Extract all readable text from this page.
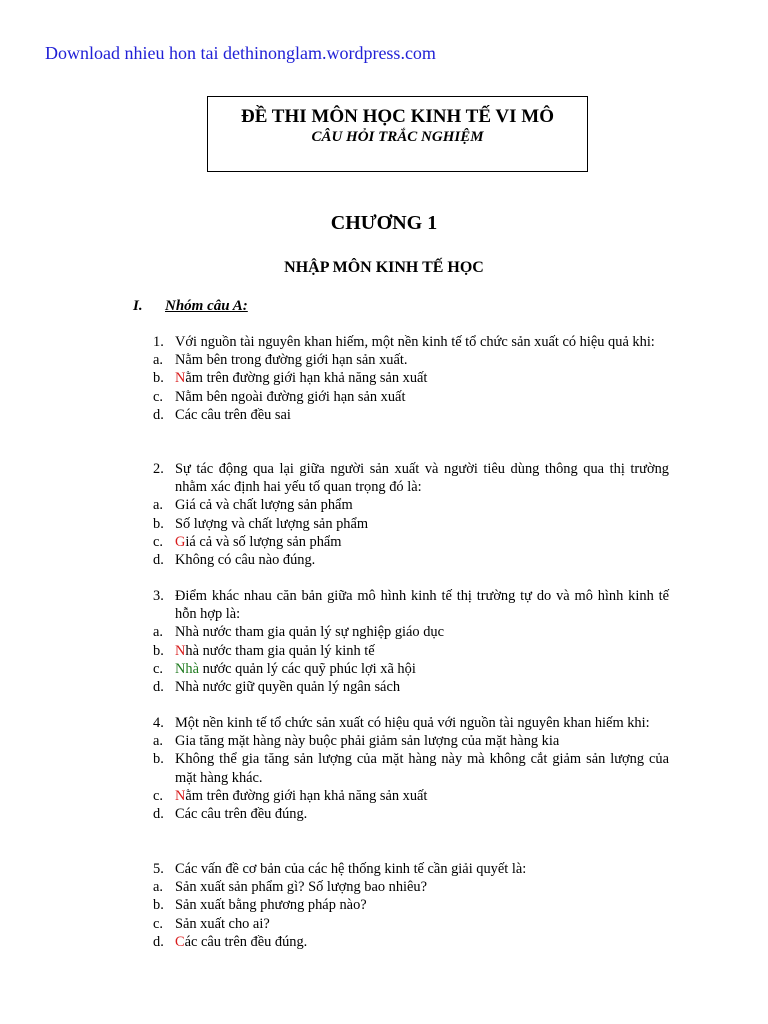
Download nhieu hon tai dethinonglam.wordpress.com
ĐỀ THI MÔN HỌC KINH TẾ VI MÔ
CÂU HỎI TRẮC NGHIỆM
CHƯƠNG 1
NHẬP MÔN KINH TẾ HỌC
I. Nhóm câu A:
1. Với nguồn tài nguyên khan hiếm, một nền kinh tế tổ chức sản xuất có hiệu quả khi:
a. Nằm bên trong đường giới hạn sản xuất.
b. Nằm trên đường giới hạn khả năng sản xuất
c. Nằm bên ngoài đường giới hạn sản xuất
d. Các câu trên đều sai
2. Sự tác động qua lại giữa người sản xuất và người tiêu dùng thông qua thị trường nhằm xác định hai yếu tố quan trọng đó là:
a. Giá cả và chất lượng sản phẩm
b. Số lượng và chất lượng sản phẩm
c. Giá cả và số lượng sản phẩm
d. Không có câu nào đúng.
3. Điểm khác nhau căn bản giữa mô hình kinh tế thị trường tự do và mô hình kinh tế hỗn hợp là:
a. Nhà nước tham gia quản lý sự nghiệp giáo dục
b. Nhà nước tham gia quản lý kinh tế
c. Nhà nước quản lý các quỹ phúc lợi xã hội
d. Nhà nước giữ quyền quản lý ngân sách
4. Một nền kinh tế tổ chức sản xuất có hiệu quả với nguồn tài nguyên khan hiếm khi:
a. Gia tăng mặt hàng này buộc phải giảm sản lượng của mặt hàng kia
b. Không thể gia tăng sản lượng của mặt hàng này mà không cắt giảm sản lượng của mặt hàng khác.
c. Nằm trên đường giới hạn khả năng sản xuất
d. Các câu trên đều đúng.
5. Các vấn đề cơ bản của các hệ thống kinh tế cần giải quyết là:
a. Sản xuất sản phẩm gì? Số lượng bao nhiêu?
b. Sản xuất bằng phương pháp nào?
c. Sản xuất cho ai?
d. Các câu trên đều đúng.
